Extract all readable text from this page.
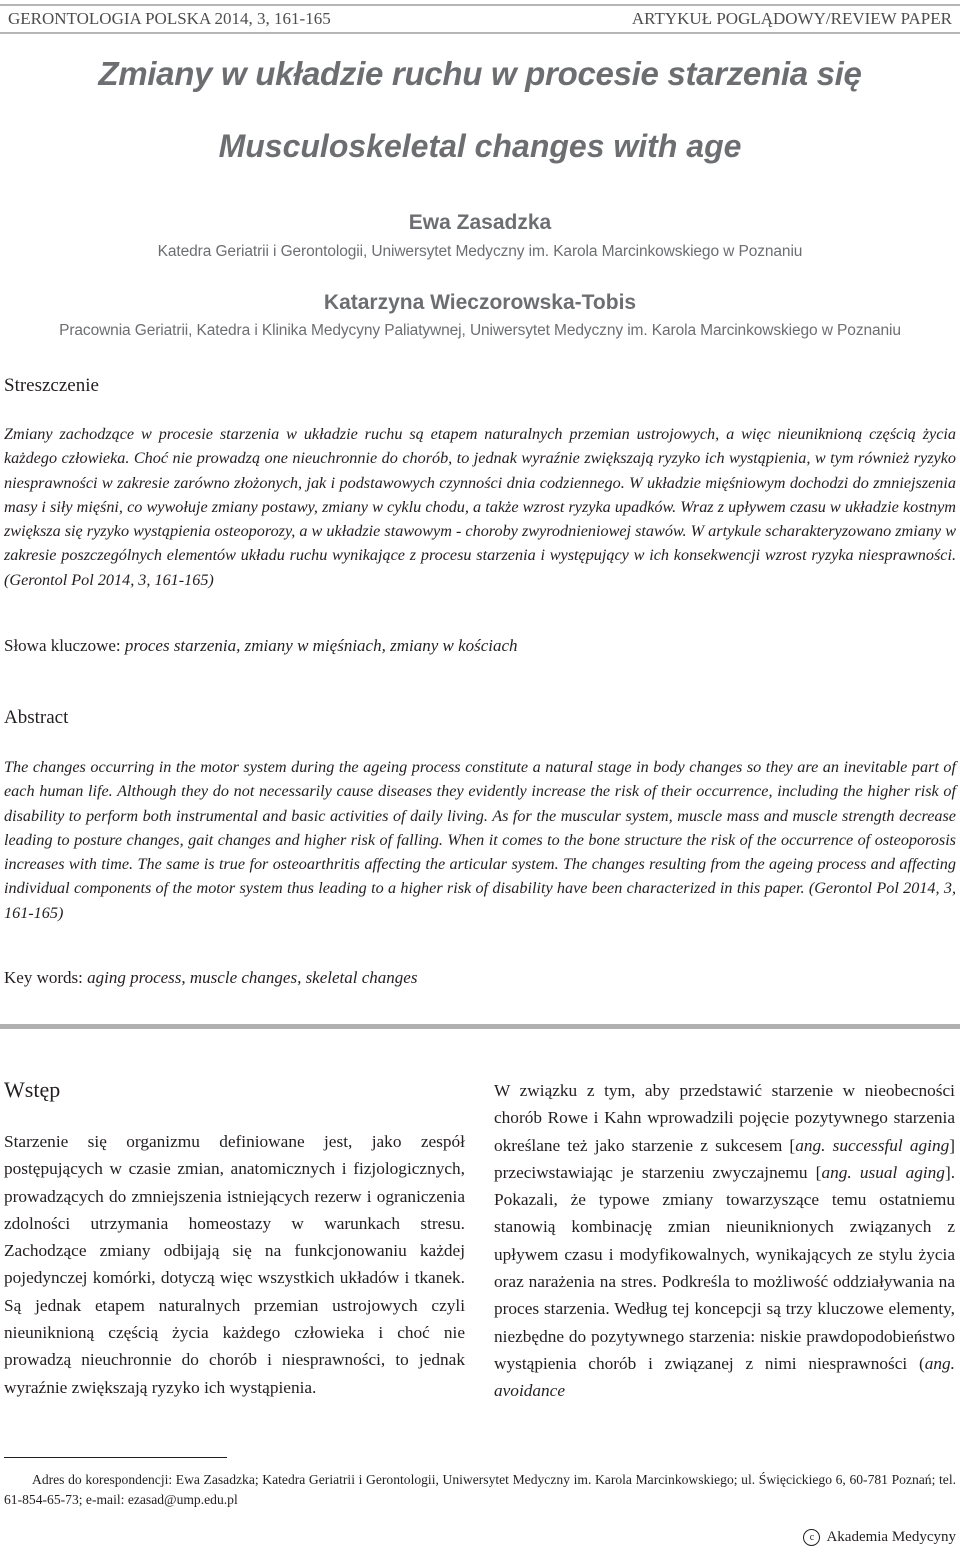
GERONTOLOGIA POLSKA 2014, 3, 161-165	ARTYKUŁ POGLĄDOWY/REVIEW PAPER
Zmiany w układzie ruchu w procesie starzenia się
Musculoskeletal changes with age
Ewa Zasadzka
Katedra Geriatrii i Gerontologii, Uniwersytet Medyczny im. Karola Marcinkowskiego w Poznaniu
Katarzyna Wieczorowska-Tobis
Pracownia Geriatrii, Katedra i Klinika Medycyny Paliatywnej, Uniwersytet Medyczny im. Karola Marcinkowskiego w Poznaniu
Streszczenie

Zmiany zachodzące w procesie starzenia w układzie ruchu są etapem naturalnych przemian ustrojowych, a więc nieuniknioną częścią życia każdego człowieka. Choć nie prowadzą one nieuchronnie do chorób, to jednak wyraźnie zwiększają ryzyko ich wystąpienia, w tym również ryzyko niesprawności w zakresie zarówno złożonych, jak i podstawowych czynności dnia codziennego. W układzie mięśniowym dochodzi do zmniejszenia masy i siły mięśni, co wywołuje zmiany postawy, zmiany w cyklu chodu, a także wzrost ryzyka upadków. Wraz z upływem czasu w układzie kostnym zwiększa się ryzyko wystąpienia osteoporozy, a w układzie stawowym - choroby zwyrodnieniowej stawów. W artykule scharakteryzowano zmiany w zakresie poszczególnych elementów układu ruchu wynikające z procesu starzenia i występujący w ich konsekwencji wzrost ryzyka niesprawności. (Gerontol Pol 2014, 3, 161-165)

Słowa kluczowe: proces starzenia, zmiany w mięśniach, zmiany w kościach
Abstract

The changes occurring in the motor system during the ageing process constitute a natural stage in body changes so they are an inevitable part of each human life. Although they do not necessarily cause diseases they evidently increase the risk of their occurrence, including the higher risk of disability to perform both instrumental and basic activities of daily living. As for the muscular system, muscle mass and muscle strength decrease leading to posture changes, gait changes and higher risk of falling. When it comes to the bone structure the risk of the occurrence of osteoporosis increases with time. The same is true for osteoarthritis affecting the articular system. The changes resulting from the ageing process and affecting individual components of the motor system thus leading to a higher risk of disability have been characterized in this paper. (Gerontol Pol 2014, 3, 161-165)

Key words: aging process, muscle changes, skeletal changes
Wstęp

Starzenie się organizmu definiowane jest, jako zespół postępujących w czasie zmian, anatomicznych i fizjologicznych, prowadzących do zmniejszenia istniejących rezerw i ograniczenia zdolności utrzymania homeostazy w warunkach stresu. Zachodzące zmiany odbijają się na funkcjonowaniu każdej pojedynczej komórki, dotyczą więc wszystkich układów i tkanek. Są jednak etapem naturalnych przemian ustrojowych czyli nieuniknioną częścią życia każdego człowieka i choć nie prowadzą nieuchronnie do chorób i niesprawności, to jednak wyraźnie zwiększają ryzyko ich wystąpienia.

W związku z tym, aby przedstawić starzenie w nieobecności chorób Rowe i Kahn wprowadzili pojęcie pozytywnego starzenia określane też jako starzenie z sukcesem [ang. successful aging] przeciwstawiając je starzeniu zwyczajnemu [ang. usual aging]. Pokazali, że typowe zmiany towarzyszące temu ostatniemu stanowią kombinację zmian nieuniknionych związanych z upływem czasu i modyfikowalnych, wynikających ze stylu życia oraz narażenia na stres. Podkreśla to możliwość oddziaływania na proces starzenia. Według tej koncepcji są trzy kluczowe elementy, niezbędne do pozytywnego starzenia: niskie prawdopodobieństwo wystąpienia chorób i związanej z nimi niesprawności (ang. avoidance

Adres do korespondencji: Ewa Zasadzka; Katedra Geriatrii i Gerontologii, Uniwersytet Medyczny im. Karola Marcinkowskiego; ul. Święcickiego 6, 60-781 Poznań; tel. 61-854-65-73; e-mail: ezasad@ump.edu.pl

c Akademia Medycyny
